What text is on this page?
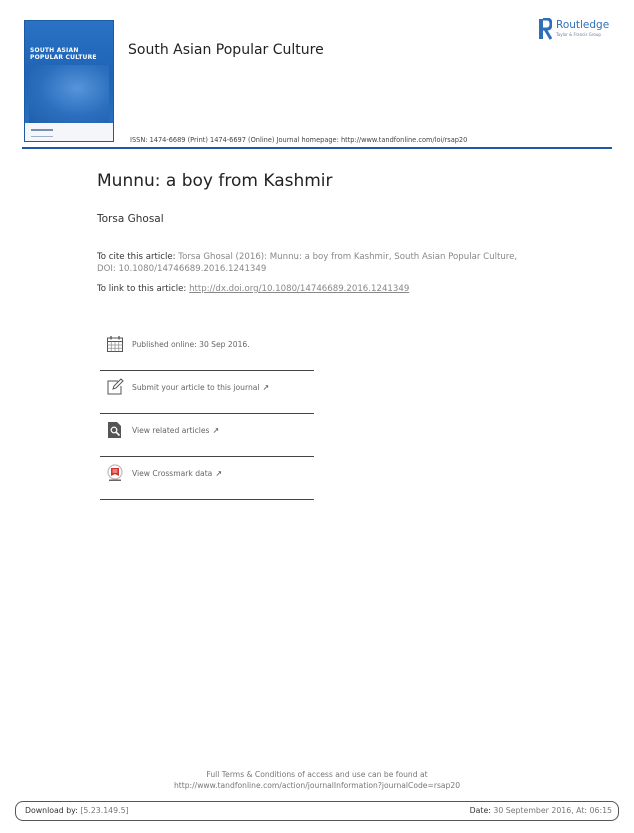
SOUTH ASIAN
POPULAR CULTURE South Asian Popular Culture
ISSN: 1474-6689 (Print) 1474-6697 (Online) Journal homepage: http://www.tandfonline.com/loi/rsap20
Routledge
Taylor & Francis Group
Munnu: a boy from Kashmir
Torsa Ghosal
To cite this article: Torsa Ghosal (2016): Munnu: a boy from Kashmir, South Asian Popular Culture, DOI: 10.1080/14746689.2016.1241349
To link to this article: http://dx.doi.org/10.1080/14746689.2016.1241349
Published online: 30 Sep 2016.
Submit your article to this journal ↗
View related articles ↗
View Crossmark data ↗
Full Terms & Conditions of access and use can be found at
http://www.tandfonline.com/action/journalInformation?journalCode=rsap20
Download by: [5.23.149.5]	Date: 30 September 2016, At: 06:15
